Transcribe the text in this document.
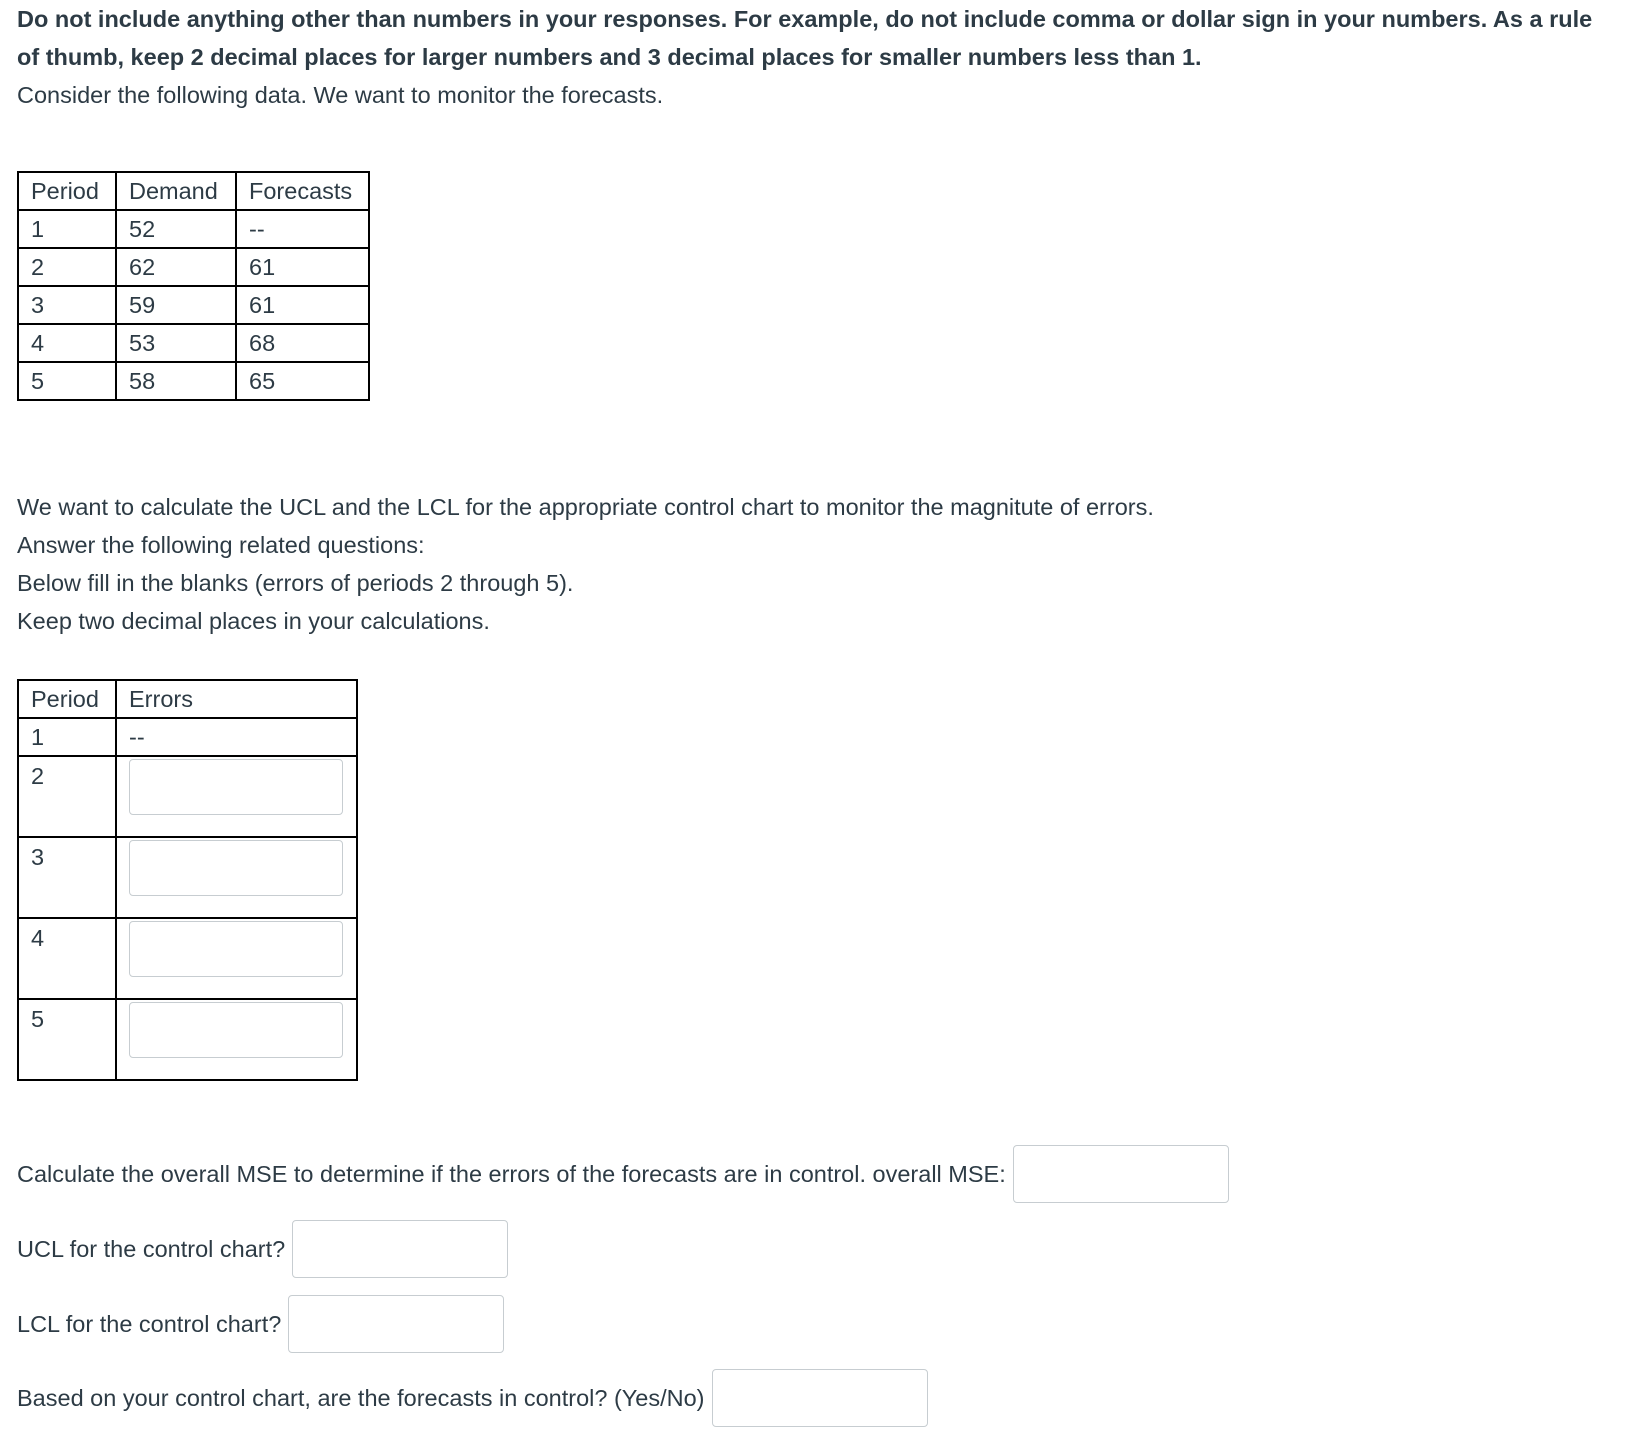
Do not include anything other than numbers in your responses. For example, do not include comma or dollar sign in your numbers. As a rule of thumb, keep 2 decimal places for larger numbers and 3 decimal places for smaller numbers less than 1.

Consider the following data. We want to monitor the forecasts.

Period	Demand	Forecasts
1	52	--
2	62	61
3	59	61
4	53	68
5	58	65

We want to calculate the UCL and the LCL for the appropriate control chart to monitor the magnitute of errors.

Answer the following related questions:

Below fill in the blanks (errors of periods 2 through 5).

Keep two decimal places in your calculations.

Period	Errors
1	--
2	
3	
4	
5	
Calculate the overall MSE to determine if the errors of the forecasts are in control. overall MSE:
UCL for the control chart?
LCL for the control chart?
Based on your control chart, are the forecasts in control? (Yes/No)
